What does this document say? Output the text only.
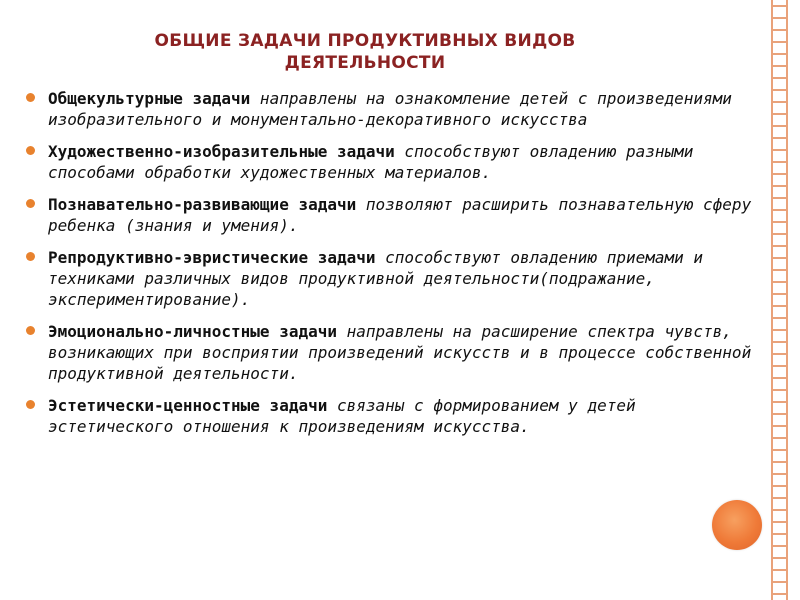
ОБЩИЕ ЗАДАЧИ ПРОДУКТИВНЫХ ВИДОВ ДЕЯТЕЛЬНОСТИ
Общекультурные задачи направлены на ознакомление детей с произведениями изобразительного и монументально-декоративного искусства
Художественно-изобразительные задачи способствуют овладению разными способами обработки художественных материалов.
Познавательно-развивающие задачи позволяют расширить познавательную сферу ребенка (знания и умения).
Репродуктивно-эвристические задачи способствуют овладению приемами и техниками различных видов продуктивной деятельности(подражание, экспериментирование).
Эмоционально-личностные задачи направлены на расширение спектра чувств, возникающих при восприятии произведений искусств и в процессе собственной продуктивной деятельности.
Эстетически-ценностные задачи связаны с формированием у детей эстетического отношения к произведениям искусства.
